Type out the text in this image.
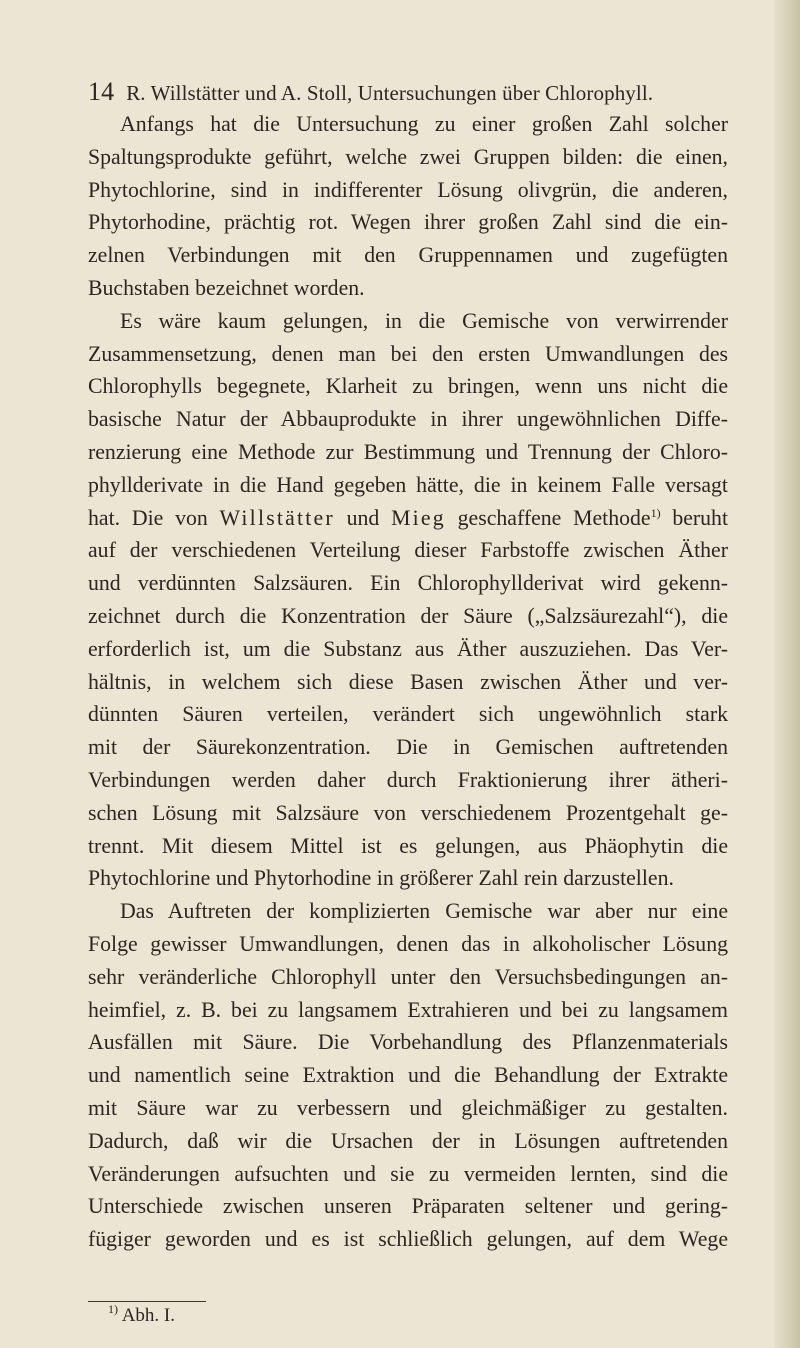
14 R. Willstätter und A. Stoll, Untersuchungen über Chlorophyll.
Anfangs hat die Untersuchung zu einer großen Zahl solcher
Spaltungsprodukte geführt, welche zwei Gruppen bilden: die einen,
Phytochlorine, sind in indifferenter Lösung olivgrün, die anderen,
Phytorhodine, prächtig rot. Wegen ihrer großen Zahl sind die ein-
zelnen Verbindungen mit den Gruppennamen und zugefügten
Buchstaben bezeichnet worden.
Es wäre kaum gelungen, in die Gemische von verwirrender
Zusammensetzung, denen man bei den ersten Umwandlungen des
Chlorophylls begegnete, Klarheit zu bringen, wenn uns nicht die
basische Natur der Abbauprodukte in ihrer ungewöhnlichen Diffe-
renzierung eine Methode zur Bestimmung und Trennung der Chloro-
phyllderivate in die Hand gegeben hätte, die in keinem Falle versagt
hat. Die von Willstätter und Mieg geschaffene Methode$^{1)}$ beruht
auf der verschiedenen Verteilung dieser Farbstoffe zwischen Äther
und verdünnten Salzsäuren. Ein Chlorophyllderivat wird gekenn-
zeichnet durch die Konzentration der Säure („Salzsäurezahl“), die
erforderlich ist, um die Substanz aus Äther auszuziehen. Das Ver-
hältnis, in welchem sich diese Basen zwischen Äther und ver-
dünnten Säuren verteilen, verändert sich ungewöhnlich stark
mit der Säurekonzentration. Die in Gemischen auftretenden
Verbindungen werden daher durch Fraktionierung ihrer ätheri-
schen Lösung mit Salzsäure von verschiedenem Prozentgehalt ge-
trennt. Mit diesem Mittel ist es gelungen, aus Phäophytin die
Phytochlorine und Phytorhodine in größerer Zahl rein darzustellen.
Das Auftreten der komplizierten Gemische war aber nur eine
Folge gewisser Umwandlungen, denen das in alkoholischer Lösung
sehr veränderliche Chlorophyll unter den Versuchsbedingungen an-
heimfiel, z. B. bei zu langsamem Extrahieren und bei zu langsamem
Ausfällen mit Säure. Die Vorbehandlung des Pflanzenmaterials
und namentlich seine Extraktion und die Behandlung der Extrakte
mit Säure war zu verbessern und gleichmäßiger zu gestalten.
Dadurch, daß wir die Ursachen der in Lösungen auftretenden
Veränderungen aufsuchten und sie zu vermeiden lernten, sind die
Unterschiede zwischen unseren Präparaten seltener und gering-
fügiger geworden und es ist schließlich gelungen, auf dem Wege
$^{1)}$ Abh. I.
